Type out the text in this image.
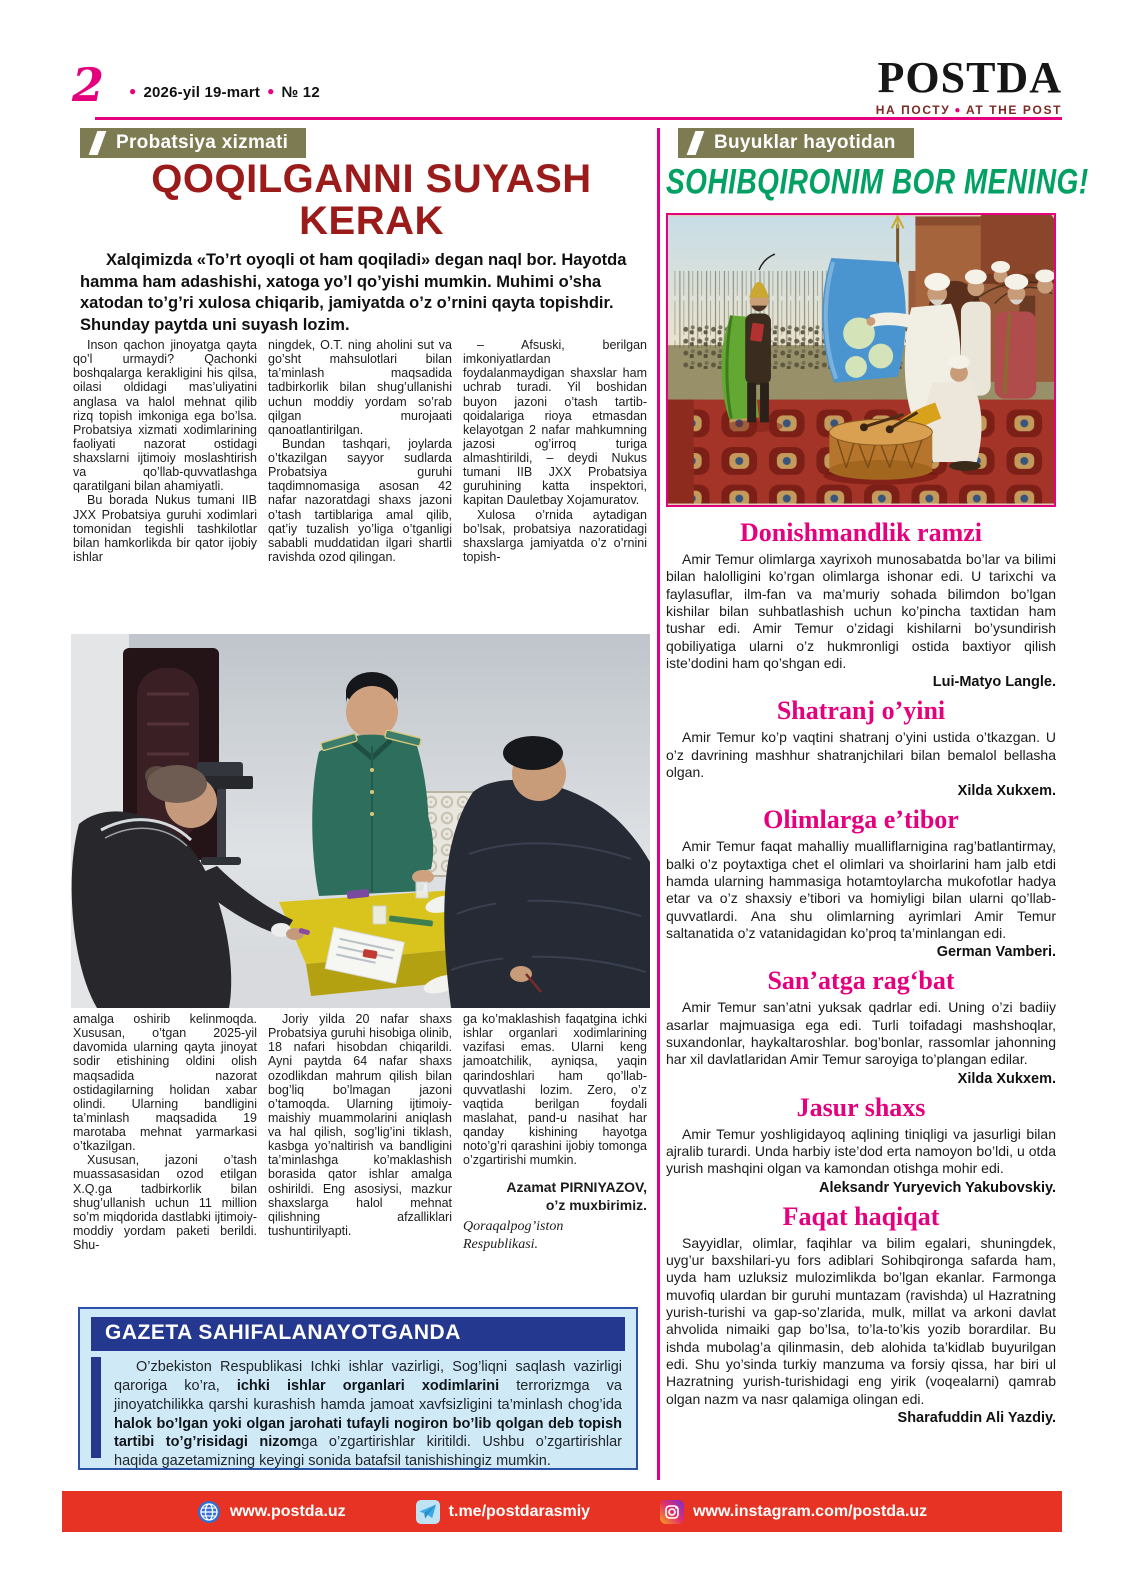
2	● 2026-yil 19-mart ● № 12	POSTDA
НА ПОСТУ ● AT THE POST
Probatsiya xizmati
QOQILGANNI SUYASH KERAK

Xalqimizda «To’rt oyoqli ot ham qoqiladi» degan naql bor. Hayotda hamma ham adashishi, xatoga yo’l qo’yishi mumkin. Muhimi o’sha xatodan to’g’ri xulosa chiqarib, jamiyatda o’z o’rnini qayta topishdir. Shunday paytda uni suyash lozim.

Inson qachon jinoyatga qayta qo’l urmaydi? Qachonki boshqalarga kerakligini his qilsa, oilasi oldidagi mas’uliyatini anglasa va halol mehnat qilib rizq topish imkoniga ega bo’lsa. Probatsiya xizmati xodimlarining faoliyati nazorat ostidagi shaxslarni ijtimoiy moslashtirish va qo’llab-quvvatlashga qaratilgani bilan ahamiyatli.

Bu borada Nukus tumani IIB JXX Probatsiya guruhi xodimlari tomonidan tegishli tashkilotlar bilan hamkorlikda bir qator ijobiy ishlar

ningdek, O.T. ning aholini sut va go’sht mahsulotlari bilan ta’minlash maqsadida tadbirkorlik bilan shug’ullanishi uchun moddiy yordam so’rab qilgan murojaati qanoatlantirilgan.

Bundan tashqari, joylarda o’tkazilgan sayyor sudlarda Probatsiya guruhi taqdimnomasiga asosan 42 nafar nazoratdagi shaxs jazoni o’tash tartiblariga amal qilib, qat’iy tuzalish yo’liga o’tganligi sababli muddatidan ilgari shartli ravishda ozod qilingan.

– Afsuski, berilgan imkoniyatlardan foydalanmaydigan shaxslar ham uchrab turadi. Yil boshidan buyon jazoni o’tash tartib-qoidalariga rioya etmasdan kelayotgan 2 nafar mahkumning jazosi og’irroq turiga almashtirildi, – deydi Nukus tumani IIB JXX Probatsiya guruhining katta inspektori, kapitan Dauletbay Xojamuratov.

Xulosa o’rnida aytadigan bo’lsak, probatsiya nazoratidagi shaxslarga jamiyatda o’z o’rnini topish-

amalga oshirib kelinmoqda. Xususan, o’tgan 2025-yil davomida ularning qayta jinoyat sodir etishining oldini olish maqsadida nazorat ostidagilarning holidan xabar olindi. Ularning bandligini ta’minlash maqsadida 19 marotaba mehnat yarmarkasi o’tkazilgan.

Xususan, jazoni o’tash muassasasidan ozod etilgan X.Q.ga tadbirkorlik bilan shug’ullanish uchun 11 million so’m miqdorida dastlabki ijtimoiy-moddiy yordam paketi berildi. Shu-

Joriy yilda 20 nafar shaxs Probatsiya guruhi hisobiga olinib, 18 nafari hisobdan chiqarildi. Ayni paytda 64 nafar shaxs ozodlikdan mahrum qilish bilan bog’liq bo’lmagan jazoni o’tamoqda. Ularning ijtimoiy-maishiy muammolarini aniqlash va hal qilish, sog’lig’ini tiklash, kasbga yo’naltirish va bandligini ta’minlashga ko’maklashish borasida qator ishlar amalga oshirildi. Eng asosiysi, mazkur shaxslarga halol mehnat qilishning afzalliklari tushuntirilyapti.

ga ko’maklashish faqatgina ichki ishlar organlari xodimlarining vazifasi emas. Ularni keng jamoatchilik, ayniqsa, yaqin qarindoshlari ham qo’llab-quvvatlashi lozim. Zero, o’z vaqtida berilgan foydali maslahat, pand-u nasihat har qanday kishining hayotga noto’g’ri qarashini ijobiy tomonga o’zgartirishi mumkin.

Azamat PIRNIYAZOV,

o’z muxbirimiz.

Qoraqalpog’iston

Respublikasi.

GAZETA SAHIFALANAYOTGANDA

O’zbekiston Respublikasi Ichki ishlar vazirligi, Sog’liqni saqlash vazirligi qaroriga ko’ra, ichki ishlar organlari xodimlarini terrorizmga va jinoyatchilikka qarshi kurashish hamda jamoat xavfsizligini ta’minlash chog’ida halok bo’lgan yoki olgan jarohati tufayli nogiron bo’lib qolgan deb topish tartibi to’g’risidagi nizomga o’zgartirishlar kiritildi. Ushbu o’zgartirishlar haqida gazetamizning keyingi sonida batafsil tanishishingiz mumkin.

Buyuklar hayotidan
SOHIBQIRONIM BOR MENING!
Donishmandlik ramzi

Amir Temur olimlarga xayrixoh munosabatda bo’lar va bilimi bilan halolligini ko’rgan olimlarga ishonar edi. U tarixchi va faylasuflar, ilm-fan va ma’muriy sohada bilimdon bo’lgan kishilar bilan suhbatlashish uchun ko’pincha taxtidan ham tushar edi. Amir Temur o’zidagi kishilarni bo’ysundirish qobiliyatiga ularni o’z hukmronligi ostida baxtiyor qilish iste’dodini ham qo’shgan edi.

Lui-Matyo Langle.

Shatranj o’yini

Amir Temur ko’p vaqtini shatranj o’yini ustida o’tkazgan. U o’z davrining mashhur shatranjchilari bilan bemalol bellasha olgan.

Xilda Xukxem.

Olimlarga e’tibor

Amir Temur faqat mahalliy mualliflarnigina rag’batlantirmay, balki o’z poytaxtiga chet el olimlari va shoirlarini ham jalb etdi hamda ularning hammasiga hotamtoylarcha mukofotlar hadya etar va o’z shaxsiy e’tibori va homiyligi bilan ularni qo’llab-quvvatlardi. Ana shu olimlarning ayrimlari Amir Temur saltanatida o’z vatanidagidan ko’proq ta’minlangan edi.

German Vamberi.

San’atga rag‘bat

Amir Temur san’atni yuksak qadrlar edi. Uning o’zi badiiy asarlar majmuasiga ega edi. Turli toifadagi mashshoqlar, suxandonlar, haykaltaroshlar. bog’bonlar, rassomlar jahonning har xil davlatlaridan Amir Temur saroyiga to’plangan edilar.

Xilda Xukxem.

Jasur shaxs

Amir Temur yoshligidayoq aqlining tiniqligi va jasurligi bilan ajralib turardi. Unda harbiy iste’dod erta namoyon bo’ldi, u otda yurish mashqini olgan va kamondan otishga mohir edi.

Aleksandr Yuryevich Yakubovskiy.

Faqat haqiqat

Sayyidlar, olimlar, faqihlar va bilim egalari, shuningdek, uyg’ur baxshilari-yu fors adiblari Sohibqironga safarda ham, uyda ham uzluksiz mulozimlikda bo’lgan ekanlar. Farmonga muvofiq ulardan bir guruhi muntazam (ravishda) ul Hazratning yurish-turishi va gap-so’zlarida, mulk, millat va arkoni davlat ahvolida nimaiki gap bo’lsa, to’la-to’kis yozib borardilar. Bu ishda mubolag’a qilinmasin, deb alohida ta’kidlab buyurilgan edi. Shu yo’sinda turkiy manzuma va forsiy qissa, har biri ul Hazratning yurish-turishidagi eng yirik (voqealarni) qamrab olgan nazm va nasr qalamiga olingan edi.

Sharafuddin Ali Yazdiy.

www.postda.uz	t.me/postdarasmiy	www.instagram.com/postda.uz
